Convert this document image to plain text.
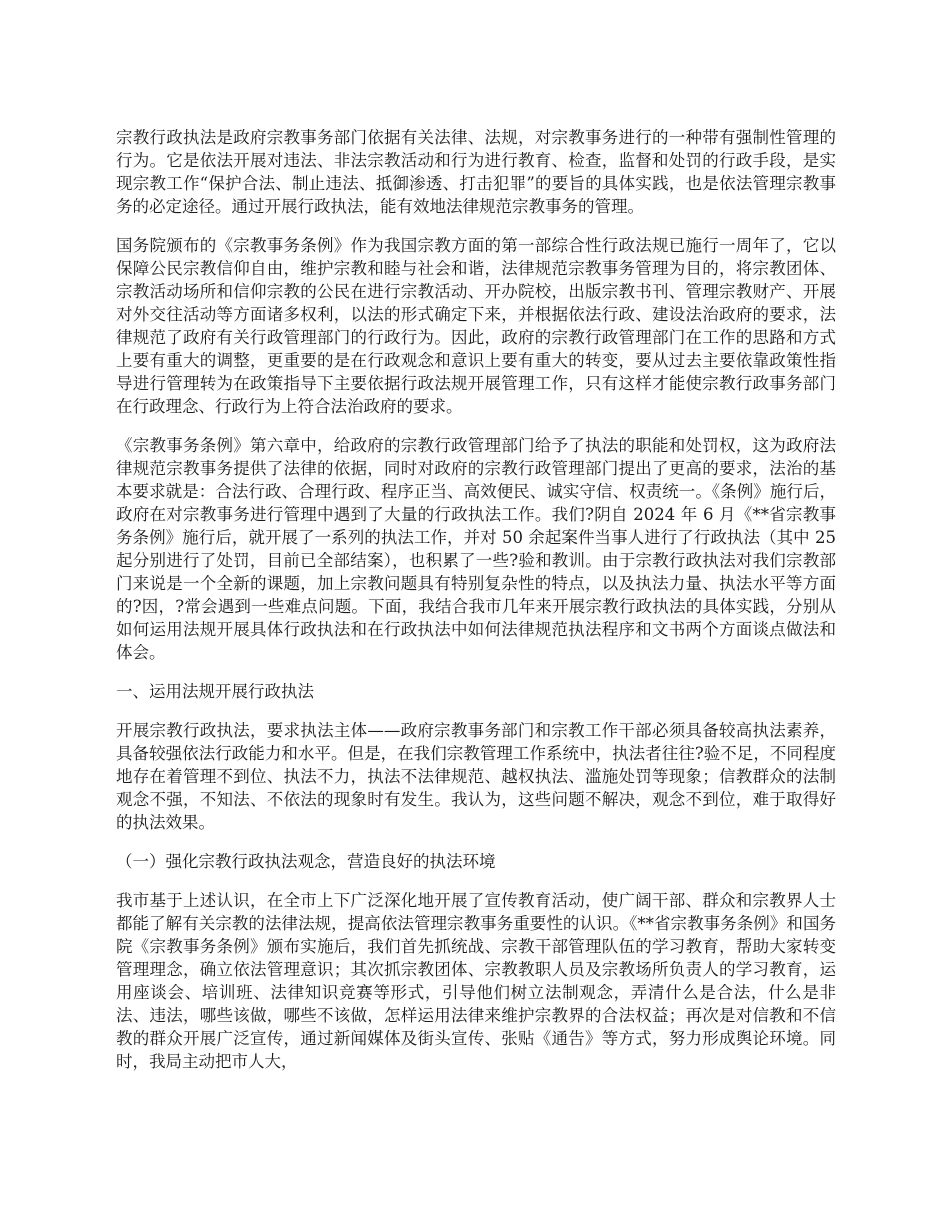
宗教行政执法是政府宗教事务部门依据有关法律、法规，对宗教事务进行的一种带有强制性管理的行为。它是依法开展对违法、非法宗教活动和行为进行教育、检查，监督和处罚的行政手段，是实现宗教工作“保护合法、制止违法、抵御渗透、打击犯罪”的要旨的具体实践，也是依法管理宗教事务的必定途径。通过开展行政执法，能有效地法律规范宗教事务的管理。

国务院颁布的《宗教事务条例》作为我国宗教方面的第一部综合性行政法规已施行一周年了，它以保障公民宗教信仰自由，维护宗教和睦与社会和谐，法律规范宗教事务管理为目的，将宗教团体、宗教活动场所和信仰宗教的公民在进行宗教活动、开办院校，出版宗教书刊、管理宗教财产、开展对外交往活动等方面诸多权利，以法的形式确定下来，并根据依法行政、建设法治政府的要求，法律规范了政府有关行政管理部门的行政行为。因此，政府的宗教行政管理部门在工作的思路和方式上要有重大的调整，更重要的是在行政观念和意识上要有重大的转变，要从过去主要依靠政策性指导进行管理转为在政策指导下主要依据行政法规开展管理工作，只有这样才能使宗教行政事务部门在行政理念、行政行为上符合法治政府的要求。

《宗教事务条例》第六章中，给政府的宗教行政管理部门给予了执法的职能和处罚权，这为政府法律规范宗教事务提供了法律的依据，同时对政府的宗教行政管理部门提出了更高的要求，法治的基本要求就是：合法行政、合理行政、程序正当、高效便民、诚实守信、权责统一。《条例》施行后，政府在对宗教事务进行管理中遇到了大量的行政执法工作。我们?阴自 2024 年 6 月《**省宗教事务条例》施行后，就开展了一系列的执法工作，并对 50 余起案件当事人进行了行政执法（其中 25 起分别进行了处罚，目前已全部结案），也积累了一些?验和教训。由于宗教行政执法对我们宗教部门来说是一个全新的课题，加上宗教问题具有特别复杂性的特点，以及执法力量、执法水平等方面的?因，?常会遇到一些难点问题。下面，我结合我市几年来开展宗教行政执法的具体实践，分别从如何运用法规开展具体行政执法和在行政执法中如何法律规范执法程序和文书两个方面谈点做法和体会。

一、运用法规开展行政执法

开展宗教行政执法，要求执法主体——政府宗教事务部门和宗教工作干部必须具备较高执法素养，具备较强依法行政能力和水平。但是，在我们宗教管理工作系统中，执法者往往?验不足，不同程度地存在着管理不到位、执法不力，执法不法律规范、越权执法、滥施处罚等现象；信教群众的法制观念不强，不知法、不依法的现象时有发生。我认为，这些问题不解决，观念不到位，难于取得好的执法效果。

（一）强化宗教行政执法观念，营造良好的执法环境

我市基于上述认识，在全市上下广泛深化地开展了宣传教育活动，使广阔干部、群众和宗教界人士都能了解有关宗教的法律法规，提高依法管理宗教事务重要性的认识。《**省宗教事务条例》和国务院《宗教事务条例》颁布实施后，我们首先抓统战、宗教干部管理队伍的学习教育，帮助大家转变管理理念，确立依法管理意识；其次抓宗教团体、宗教教职人员及宗教场所负责人的学习教育，运用座谈会、培训班、法律知识竞赛等形式，引导他们树立法制观念，弄清什么是合法，什么是非法、违法，哪些该做，哪些不该做，怎样运用法律来维护宗教界的合法权益；再次是对信教和不信教的群众开展广泛宣传，通过新闻媒体及街头宣传、张贴《通告》等方式，努力形成舆论环境。同时，我局主动把市人大，
